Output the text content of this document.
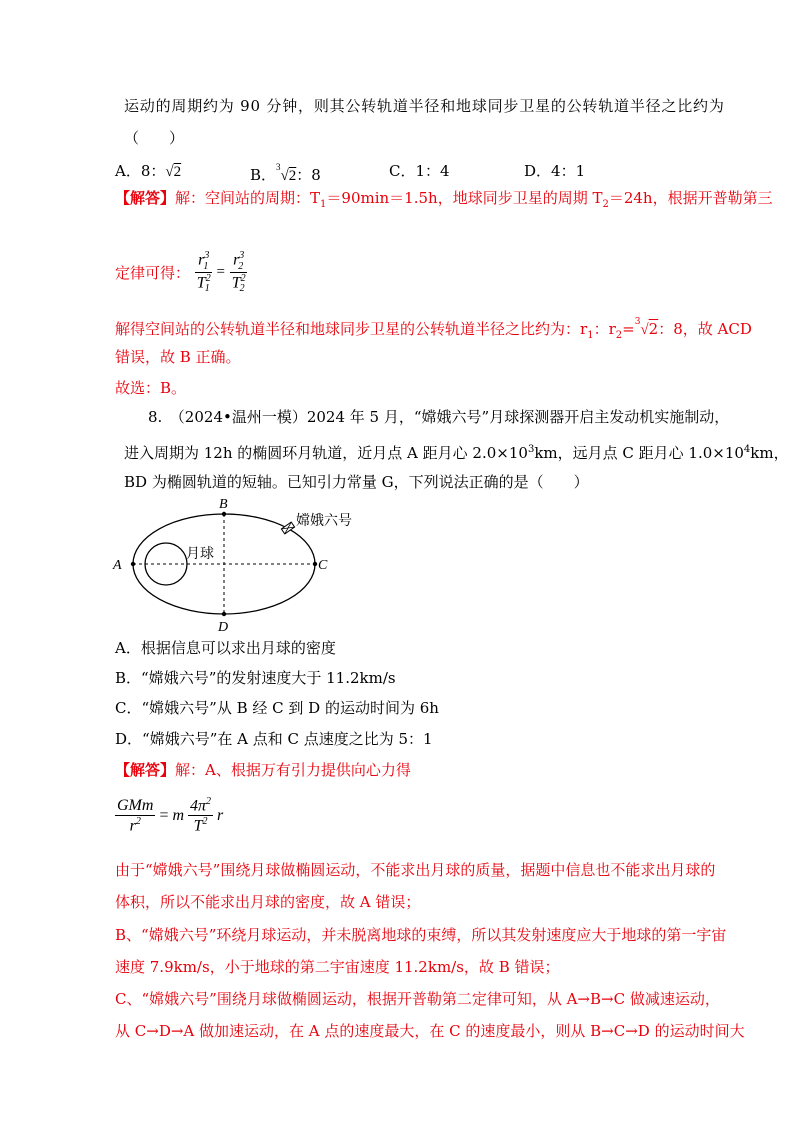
运动的周期约为 90 分钟，则其公转轨道半径和地球同步卫星的公转轨道半径之比约为
（　　）
A．8：√2	B．$^3$√2：8	C．1：4	D．4：1
【解答】解：空间站的周期：$T_1=90\min=1.5h$，地球同步卫星的周期 $T_2=24h$，根据开普勒第三
定律可得： $\frac{r^3_1}{T^2_1} = \frac{r^3_2}{T^2_2}$
解得空间站的公转轨道半径和地球同步卫星的公转轨道半径之比约为：$r_1$：$r_2=^3√2$：8，故 ACD
错误，故 B 正确。
故选：B。
8.　（2024•温州一模）2024 年 5 月，“嫦娥六号”月球探测器开启主发动机实施制动，
进入周期为 12h 的椭圆环月轨道，近月点 A 距月心 $2.0\times 10^3km$，远月点 C 距月心 $1.0\times 10^4km$，
BD 为椭圆轨道的短轴。已知引力常量 G，下列说法正确的是（　　）
A
B
C
D
月球
嫦娥六号
A．根据信息可以求出月球的密度
B．“嫦娥六号”的发射速度大于 11.2km/s
C．“嫦娥六号”从 B 经 C 到 D 的运动时间为 6h
D．“嫦娥六号”在 A 点和 C 点速度之比为 5：1
【解答】解：A、根据万有引力提供向心力得
$\frac{\text{GMm}}{r^2} = m \frac{4\pi^2}{T^2}$ r
由于“嫦娥六号”围绕月球做椭圆运动，不能求出月球的质量，据题中信息也不能求出月球的
体积，所以不能求出月球的密度，故 A 错误；
B、“嫦娥六号”环绕月球运动，并未脱离地球的束缚，所以其发射速度应大于地球的第一宇宙
速度 7.9km/s，小于地球的第二宇宙速度 11.2km/s，故 B 错误；
C、“嫦娥六号”围绕月球做椭圆运动，根据开普勒第二定律可知，从 A→B→C 做减速运动，
从 C→D→A 做加速运动，在 A 点的速度最大，在 C 的速度最小，则从 B→C→D 的运动时间大
